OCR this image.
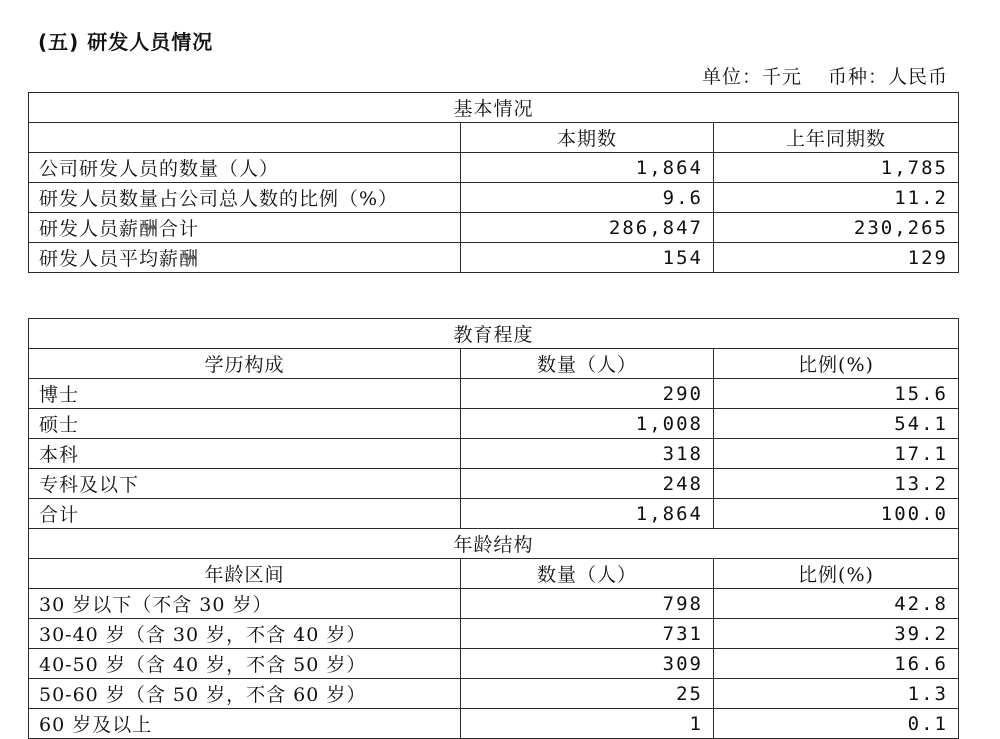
(五) 研发人员情况
单位：千元 币种：人民币
基本情况		
	本期数	上年同期数
公司研发人员的数量（人）	1,864	1,785
研发人员数量占公司总人数的比例（%）	9.6	11.2
研发人员薪酬合计	286,847	230,265
研发人员平均薪酬	154	129
教育程度		
学历构成	数量（人）	比例(%)
博士	290	15.6
硕士	1,008	54.1
本科	318	17.1
专科及以下	248	13.2
合计	1,864	100.0
年龄结构		
年龄区间	数量（人）	比例(%)
30 岁以下（不含 30 岁）	798	42.8
30-40 岁（含 30 岁，不含 40 岁）	731	39.2
40-50 岁（含 40 岁，不含 50 岁）	309	16.6
50-60 岁（含 50 岁，不含 60 岁）	25	1.3
60 岁及以上	1	0.1
